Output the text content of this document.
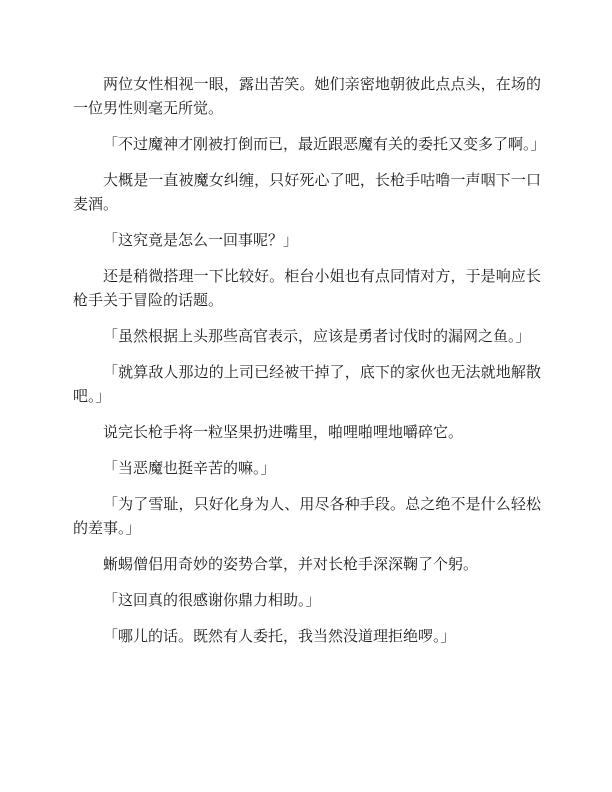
两位女性相视一眼，露出苦笑。她们亲密地朝彼此点点头，在场的一位男性则毫无所觉。

「不过魔神才刚被打倒而已，最近跟恶魔有关的委托又变多了啊。」

大概是一直被魔女纠缠，只好死心了吧，长枪手咕噜一声咽下一口麦酒。

「这究竟是怎么一回事呢？」

还是稍微搭理一下比较好。柜台小姐也有点同情对方，于是响应长枪手关于冒险的话题。

「虽然根据上头那些高官表示，应该是勇者讨伐时的漏网之鱼。」

「就算敌人那边的上司已经被干掉了，底下的家伙也无法就地解散吧。」

说完长枪手将一粒坚果扔进嘴里，啪哩啪哩地嚼碎它。

「当恶魔也挺辛苦的嘛。」

「为了雪耻，只好化身为人、用尽各种手段。总之绝不是什么轻松的差事。」

蜥蜴僧侣用奇妙的姿势合掌，并对长枪手深深鞠了个躬。

「这回真的很感谢你鼎力相助。」

「哪儿的话。既然有人委托，我当然没道理拒绝啰。」
